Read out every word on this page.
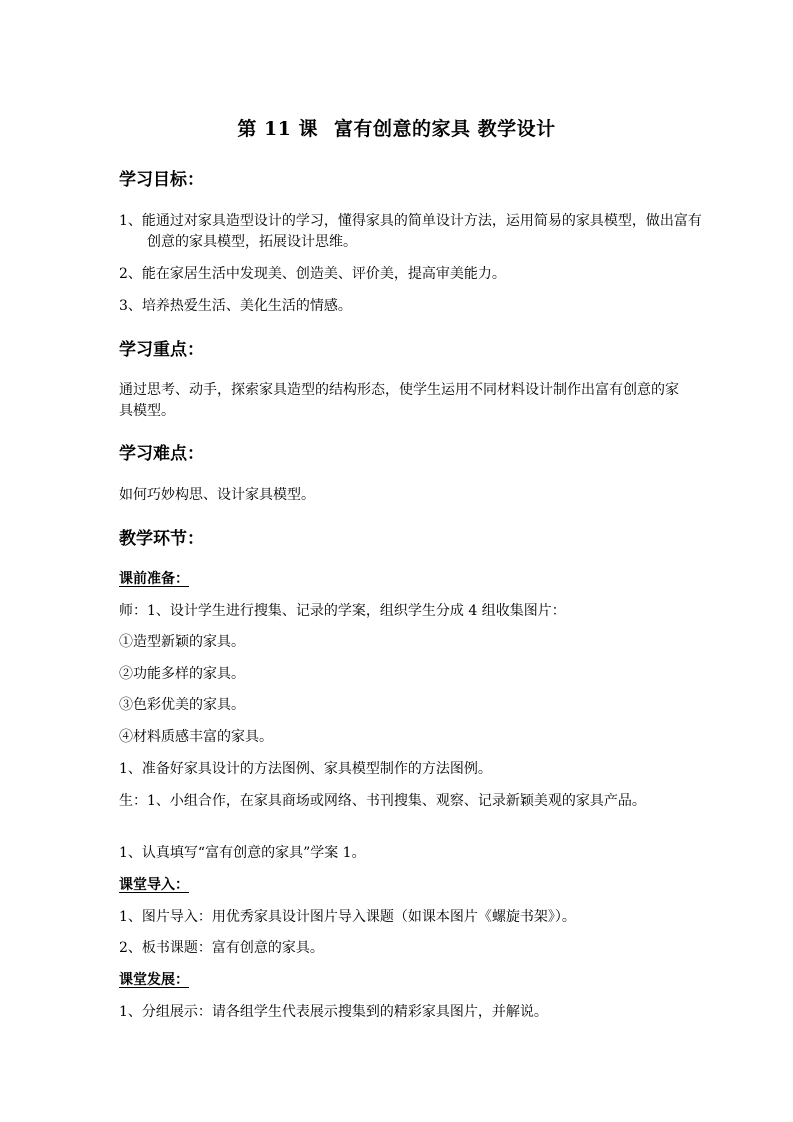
第 11 课 富有创意的家具 教学设计
学习目标：
1、能通过对家具造型设计的学习，懂得家具的简单设计方法，运用简易的家具模型，做出富有创意的家具模型，拓展设计思维。
2、能在家居生活中发现美、创造美、评价美，提高审美能力。
3、培养热爱生活、美化生活的情感。
学习重点：
通过思考、动手，探索家具造型的结构形态，使学生运用不同材料设计制作出富有创意的家具模型。
学习难点：
如何巧妙构思、设计家具模型。
教学环节：
课前准备：
师：1、设计学生进行搜集、记录的学案，组织学生分成 4 组收集图片：
①造型新颖的家具。
②功能多样的家具。
③色彩优美的家具。
④材料质感丰富的家具。
1、准备好家具设计的方法图例、家具模型制作的方法图例。
生：1、小组合作，在家具商场或网络、书刊搜集、观察、记录新颖美观的家具产品。
1、认真填写“富有创意的家具”学案 1。
课堂导入：
1、图片导入：用优秀家具设计图片导入课题（如课本图片《螺旋书架》）。
2、板书课题：富有创意的家具。
课堂发展：
1、分组展示：请各组学生代表展示搜集到的精彩家具图片，并解说。
